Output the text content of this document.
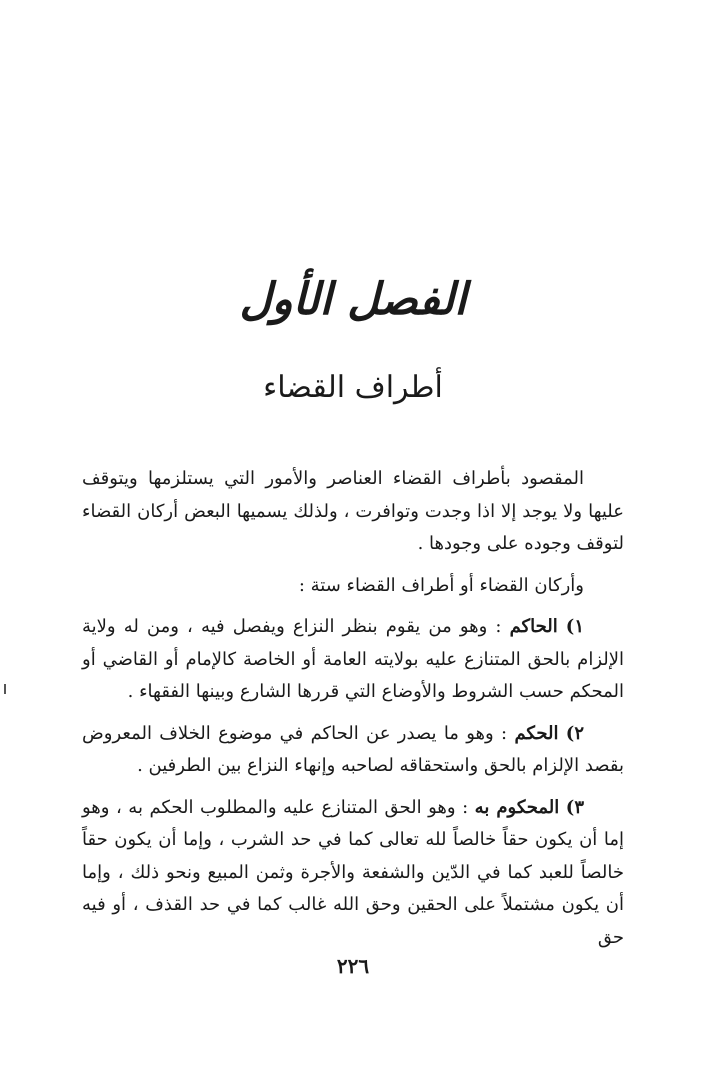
الفصل الأول
أطراف القضاء

المقصود بأطراف القضاء العناصر والأمور التي يستلزمها ويتوقف عليها ولا يوجد إلا اذا وجدت وتوافرت ، ولذلك يسميها البعض أركان القضاء لتوقف وجوده على وجودها .

وأركان القضاء أو أطراف القضاء ستة :

١) الحاكم : وهو من يقوم بنظر النزاع ويفصل فيه ، ومن له ولاية الإلزام بالحق المتنازع عليه بولايته العامة أو الخاصة كالإمام أو القاضي أو المحكم حسب الشروط والأوضاع التي قررها الشارع وبينها الفقهاء .

٢) الحكم : وهو ما يصدر عن الحاكم في موضوع الخلاف المعروض بقصد الإلزام بالحق واستحقاقه لصاحبه وإنهاء النزاع بين الطرفين .

٣) المحكوم به : وهو الحق المتنازع عليه والمطلوب الحكم به ، وهو إما أن يكون حقاً خالصاً لله تعالى كما في حد الشرب ، وإما أن يكون حقاً خالصاً للعبد كما في الدّين والشفعة والأجرة وثمن المبيع ونحو ذلك ، وإما أن يكون مشتملاً على الحقين وحق الله غالب كما في حد القذف ، أو فيه حق

٢٢٦
